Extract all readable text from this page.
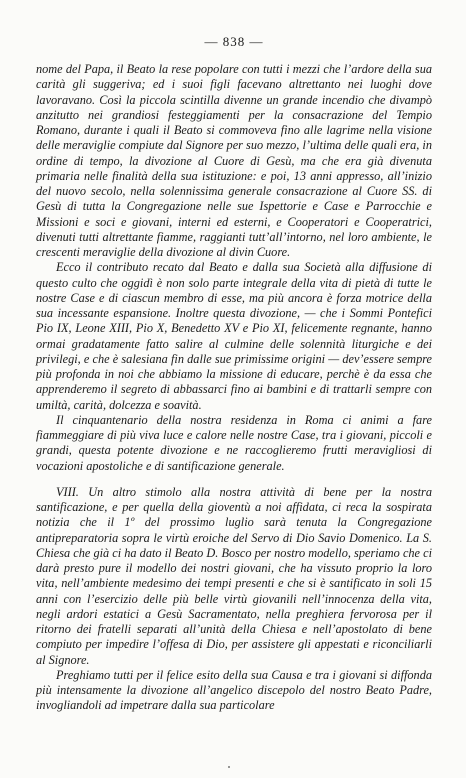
— 838 —

nome del Papa, il Beato la rese popolare con tutti i mezzi che l’ardore della sua carità gli suggeriva; ed i suoi figli facevano altrettanto nei luoghi dove lavoravano. Così la piccola scintilla divenne un grande incendio che divampò anzitutto nei grandiosi festeggiamenti per la consacrazione del Tempio Romano, durante i quali il Beato si commoveva fino alle lagrime nella visione delle meraviglie compiute dal Signore per suo mezzo, l’ultima delle quali era, in ordine di tempo, la divozione al Cuore di Gesù, ma che era già divenuta primaria nelle finalità della sua istituzione: e poi, 13 anni appresso, all’inizio del nuovo secolo, nella solennissima generale consacrazione al Cuore SS. di Gesù di tutta la Congregazione nelle sue Ispettorie e Case e Parrocchie e Missioni e soci e giovani, interni ed esterni, e Cooperatori e Cooperatrici, divenuti tutti altrettante fiamme, raggianti tutt’all’intorno, nel loro ambiente, le crescenti meraviglie della divozione al divin Cuore.

Ecco il contributo recato dal Beato e dalla sua Società alla diffusione di questo culto che oggidì è non solo parte integrale della vita di pietà di tutte le nostre Case e di ciascun membro di esse, ma più ancora è forza motrice della sua incessante espansione. Inoltre questa divozione, — che i Sommi Pontefici Pio IX, Leone XIII, Pio X, Benedetto XV e Pio XI, felicemente regnante, hanno ormai gradatamente fatto salire al culmine delle solennità liturgiche e dei privilegi, e che è salesiana fin dalle sue primissime origini — dev’essere sempre più profonda in noi che abbiamo la missione di educare, perchè è da essa che apprenderemo il segreto di abbassarci fino ai bambini e di trattarli sempre con umiltà, carità, dolcezza e soavità.

Il cinquantenario della nostra residenza in Roma ci animi a fare fiammeggiare di più viva luce e calore nelle nostre Case, tra i giovani, piccoli e grandi, questa potente divozione e ne raccoglieremo frutti meravigliosi di vocazioni apostoliche e di santificazione generale.

VIII. Un altro stimolo alla nostra attività di bene per la nostra santificazione, e per quella della gioventù a noi affidata, ci reca la sospirata notizia che il 1º del prossimo luglio sarà tenuta la Congregazione antipreparatoria sopra le virtù eroiche del Servo di Dio Savio Domenico. La S. Chiesa che già ci ha dato il Beato D. Bosco per nostro modello, speriamo che ci darà presto pure il modello dei nostri giovani, che ha vissuto proprio la loro vita, nell’ambiente medesimo dei tempi presenti e che si è santificato in soli 15 anni con l’esercizio delle più belle virtù giovanili nell’innocenza della vita, negli ardori estatici a Gesù Sacramentato, nella preghiera fervorosa per il ritorno dei fratelli separati all’unità della Chiesa e nell’apostolato di bene compiuto per impedire l’offesa di Dio, per assistere gli appestati e riconciliarli al Signore.

Preghiamo tutti per il felice esito della sua Causa e tra i giovani si diffonda più intensamente la divozione all’angelico discepolo del nostro Beato Padre, invogliandoli ad impetrare dalla sua particolare
